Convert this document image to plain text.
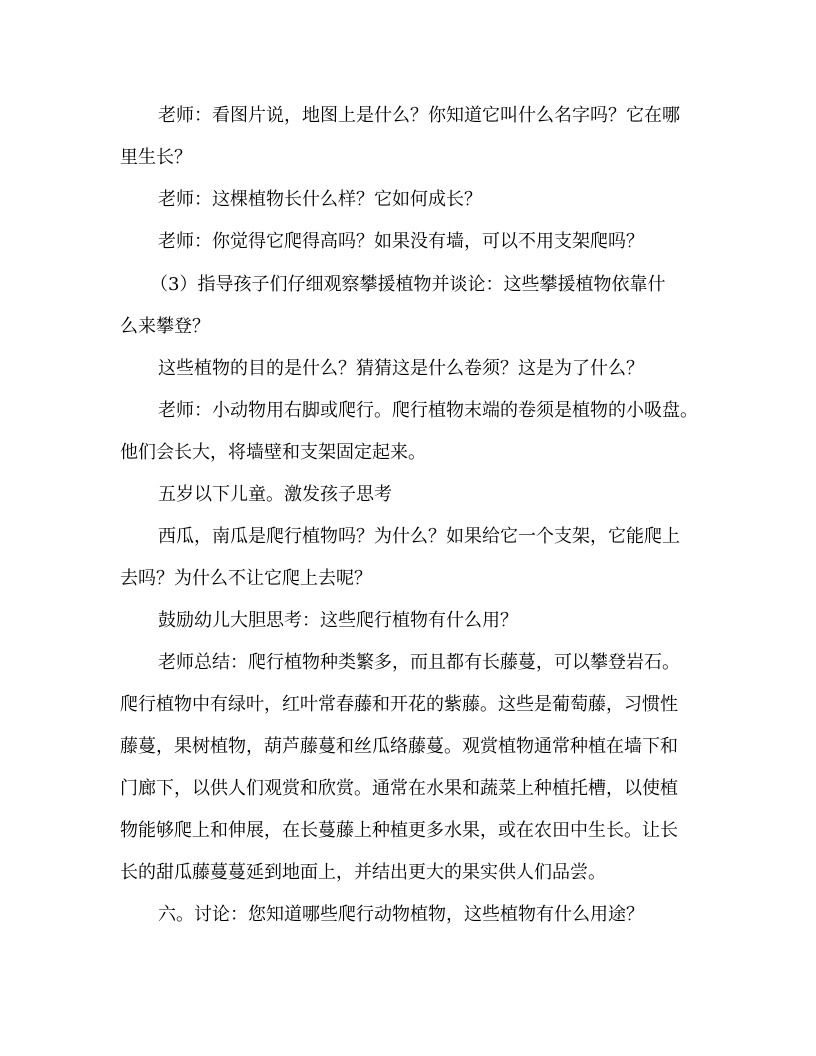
老师：看图片说，地图上是什么？你知道它叫什么名字吗？它在哪
里生长？
老师：这棵植物长什么样？它如何成长？
老师：你觉得它爬得高吗？如果没有墙，可以不用支架爬吗？
（3）指导孩子们仔细观察攀援植物并谈论：这些攀援植物依靠什
么来攀登？
这些植物的目的是什么？猜猜这是什么卷须？这是为了什么？
老师：小动物用右脚或爬行。爬行植物末端的卷须是植物的小吸盘。
他们会长大，将墙壁和支架固定起来。
五岁以下儿童。激发孩子思考
西瓜，南瓜是爬行植物吗？为什么？如果给它一个支架，它能爬上
去吗？为什么不让它爬上去呢？
鼓励幼儿大胆思考：这些爬行植物有什么用？
老师总结：爬行植物种类繁多，而且都有长藤蔓，可以攀登岩石。
爬行植物中有绿叶，红叶常春藤和开花的紫藤。这些是葡萄藤，习惯性
藤蔓，果树植物，葫芦藤蔓和丝瓜络藤蔓。观赏植物通常种植在墙下和
门廊下，以供人们观赏和欣赏。通常在水果和蔬菜上种植托槽，以使植
物能够爬上和伸展，在长蔓藤上种植更多水果，或在农田中生长。让长
长的甜瓜藤蔓蔓延到地面上，并结出更大的果实供人们品尝。
六。讨论：您知道哪些爬行动物植物，这些植物有什么用途？
